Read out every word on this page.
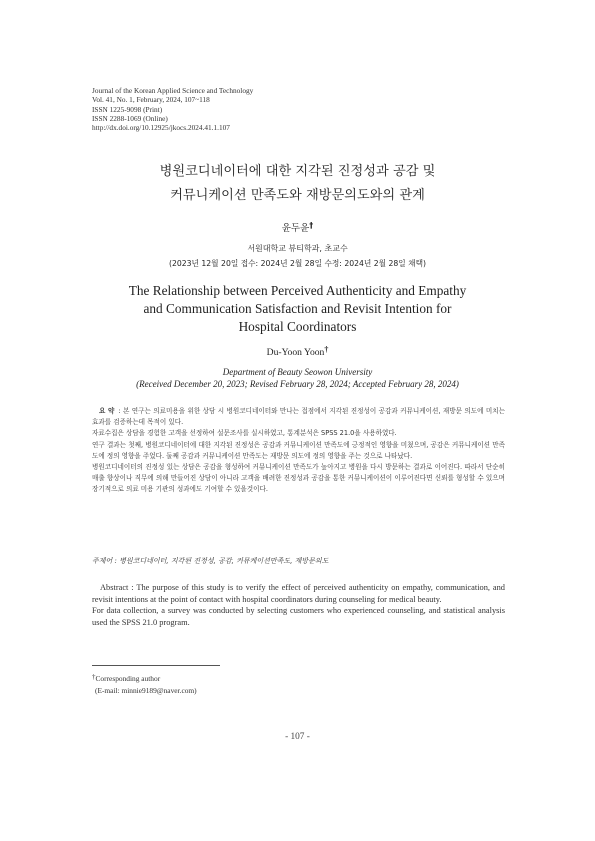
Journal of the Korean Applied Science and Technology
Vol. 41, No. 1, February, 2024, 107~118
ISSN 1225-9098 (Print)
ISSN 2288-1069 (Online)
http://dx.doi.org/10.12925/jkocs.2024.41.1.107
병원코디네이터에 대한 지각된 진정성과 공감 및
커뮤니케이션 만족도와 재방문의도와의 관계
윤두윤†
서원대학교 뷰티학과, 초교수
(2023년 12월 20일 접수: 2024년 2월 28일 수정: 2024년 2월 28일 채택)
The Relationship between Perceived Authenticity and Empathy
and Communication Satisfaction and Revisit Intention for
Hospital Coordinators
Du-Yoon Yoon†
Department of Beauty Seowon University
(Received December 20, 2023; Revised February 28, 2024; Accepted February 28, 2024)

요 약 : 본 연구는 의료미용을 위한 상담 시 병원코디네이터와 만나는 접점에서 지각된 진정성이 공감과 커뮤니케이션, 재방문 의도에 미치는 효과를 검증하는데 목적이 있다.

자료수집은 상담을 경험한 고객을 선정하여 설문조사를 실시하였고, 통계분석은 SPSS 21.0을 사용하였다.

연구 결과는 첫째, 병원코디네이터에 대한 지각된 진정성은 공감과 커뮤니케이션 만족도에 긍정적인 영향을 미쳤으며, 공감은 커뮤니케이션 만족도에 정의 영향을 주었다. 둘째 공감과 커뮤니케이션 만족도는 재방문 의도에 정의 영향을 주는 것으로 나타났다.

병원코디네이터의 진정성 있는 상담은 공감을 형성하여 커뮤니케이션 만족도가 높아지고 병원을 다시 방문하는 결과로 이어진다. 따라서 단순히 매출 향상이나 직무에 의해 만들어진 상담이 아니라 고객을 배려한 진정성과 공감을 통한 커뮤니케이션이 이루어진다면 신뢰를 형성할 수 있으며 장기적으로 의료 미용 기관의 성과에도 기여할 수 있을것이다.

주제어 : 병원코디네이터, 지각된 진정성, 공감, 커뮤케이션만족도, 재방문의도

Abstract : The purpose of this study is to verify the effect of perceived authenticity on empathy, communication, and revisit intentions at the point of contact with hospital coordinators during counseling for medical beauty.

For data collection, a survey was conducted by selecting customers who experienced counseling, and statistical analysis used the SPSS 21.0 program.

†Corresponding author
(E-mail: minnie9189@naver.com)
- 107 -
